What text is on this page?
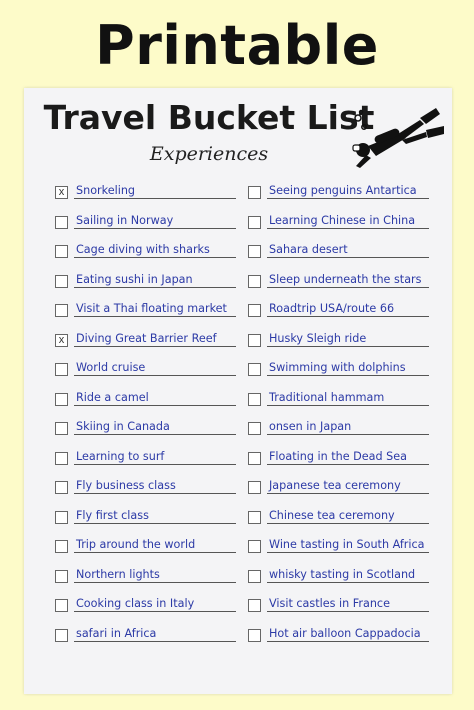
Printable
Travel Bucket List
Experiences
x	Snorkeling
Sailing in Norway
Cage diving with sharks
Eating sushi in Japan
Visit a Thai floating market
x	Diving Great Barrier Reef
World cruise
Ride a camel
Skiing in Canada
Learning to surf
Fly business class
Fly first class
Trip around the world
Northern lights
Cooking class in Italy
safari in Africa
Seeing penguins Antartica
Learning Chinese in China
Sahara desert
Sleep underneath the stars
Roadtrip USA/route 66
Husky Sleigh ride
Swimming with dolphins
Traditional hammam
onsen in Japan
Floating in the Dead Sea
Japanese tea ceremony
Chinese tea ceremony
Wine tasting in South Africa
whisky tasting in Scotland
Visit castles in France
Hot air balloon Cappadocia
